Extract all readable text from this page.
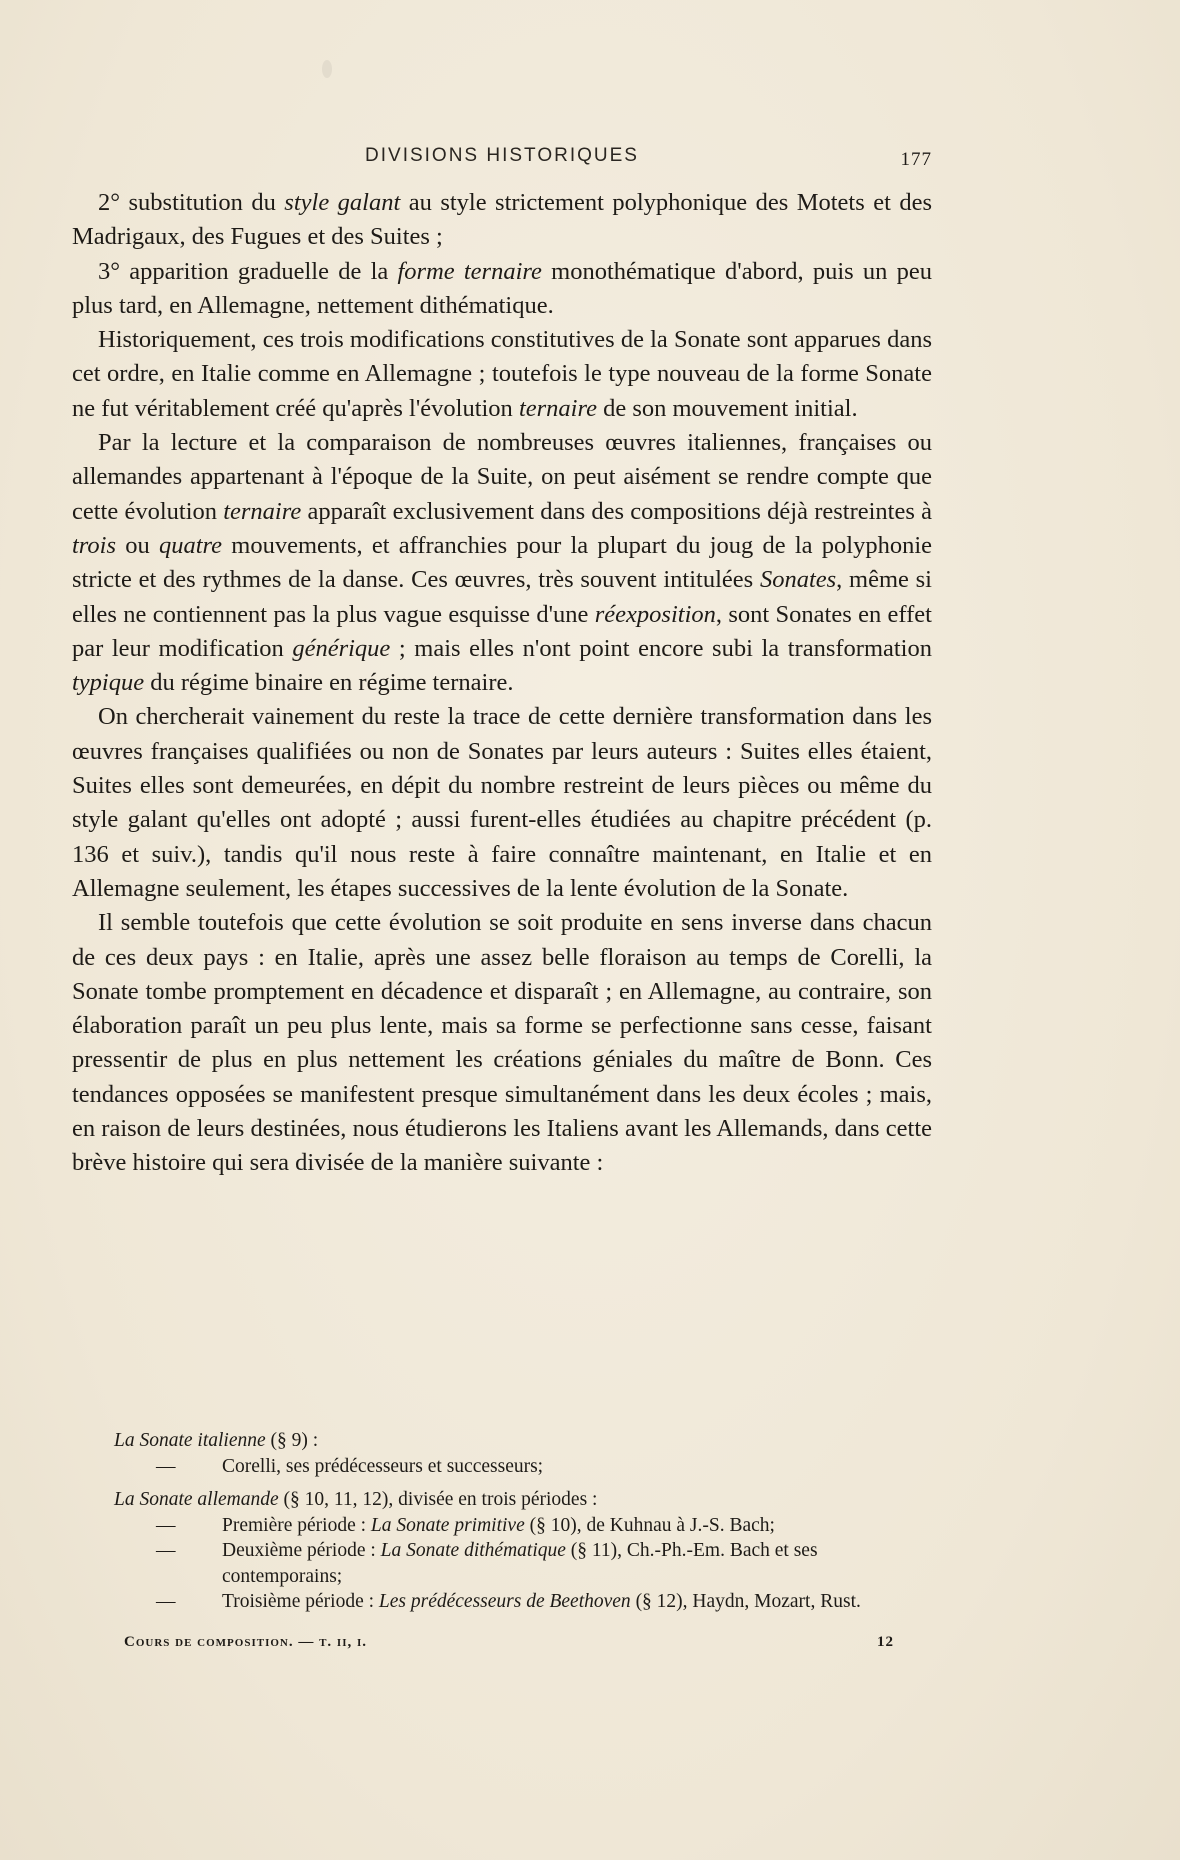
DIVISIONS HISTORIQUES	177

2° substitution du style galant au style strictement polyphonique des Motets et des Madrigaux, des Fugues et des Suites ;

3° apparition graduelle de la forme ternaire monothématique d'abord, puis un peu plus tard, en Allemagne, nettement dithématique.

Historiquement, ces trois modifications constitutives de la Sonate sont apparues dans cet ordre, en Italie comme en Allemagne ; toutefois le type nouveau de la forme Sonate ne fut véritablement créé qu'après l'évolution ternaire de son mouvement initial.

Par la lecture et la comparaison de nombreuses œuvres italiennes, françaises ou allemandes appartenant à l'époque de la Suite, on peut aisément se rendre compte que cette évolution ternaire apparaît exclusivement dans des compositions déjà restreintes à trois ou quatre mouvements, et affranchies pour la plupart du joug de la polyphonie stricte et des rythmes de la danse. Ces œuvres, très souvent intitulées Sonates, même si elles ne contiennent pas la plus vague esquisse d'une réexposition, sont Sonates en effet par leur modification générique ; mais elles n'ont point encore subi la transformation typique du régime binaire en régime ternaire.

On chercherait vainement du reste la trace de cette dernière transformation dans les œuvres françaises qualifiées ou non de Sonates par leurs auteurs : Suites elles étaient, Suites elles sont demeurées, en dépit du nombre restreint de leurs pièces ou même du style galant qu'elles ont adopté ; aussi furent-elles étudiées au chapitre précédent (p. 136 et suiv.), tandis qu'il nous reste à faire connaître maintenant, en Italie et en Allemagne seulement, les étapes successives de la lente évolution de la Sonate.

Il semble toutefois que cette évolution se soit produite en sens inverse dans chacun de ces deux pays : en Italie, après une assez belle floraison au temps de Corelli, la Sonate tombe promptement en décadence et disparaît ; en Allemagne, au contraire, son élaboration paraît un peu plus lente, mais sa forme se perfectionne sans cesse, faisant pressentir de plus en plus nettement les créations géniales du maître de Bonn. Ces tendances opposées se manifestent presque simultanément dans les deux écoles ; mais, en raison de leurs destinées, nous étudierons les Italiens avant les Allemands, dans cette brève histoire qui sera divisée de la manière suivante :

La Sonate italienne (§ 9) :
— Corelli, ses prédécesseurs et successeurs;
La Sonate allemande (§ 10, 11, 12), divisée en trois périodes :
— Première période : La Sonate primitive (§ 10), de Kuhnau à J.-S. Bach;
— Deuxième période : La Sonate dithématique (§ 11), Ch.-Ph.-Em. Bach et ses contemporains;
— Troisième période : Les prédécesseurs de Beethoven (§ 12), Haydn, Mozart, Rust.
Cours de composition. — t. ii, i.	12
